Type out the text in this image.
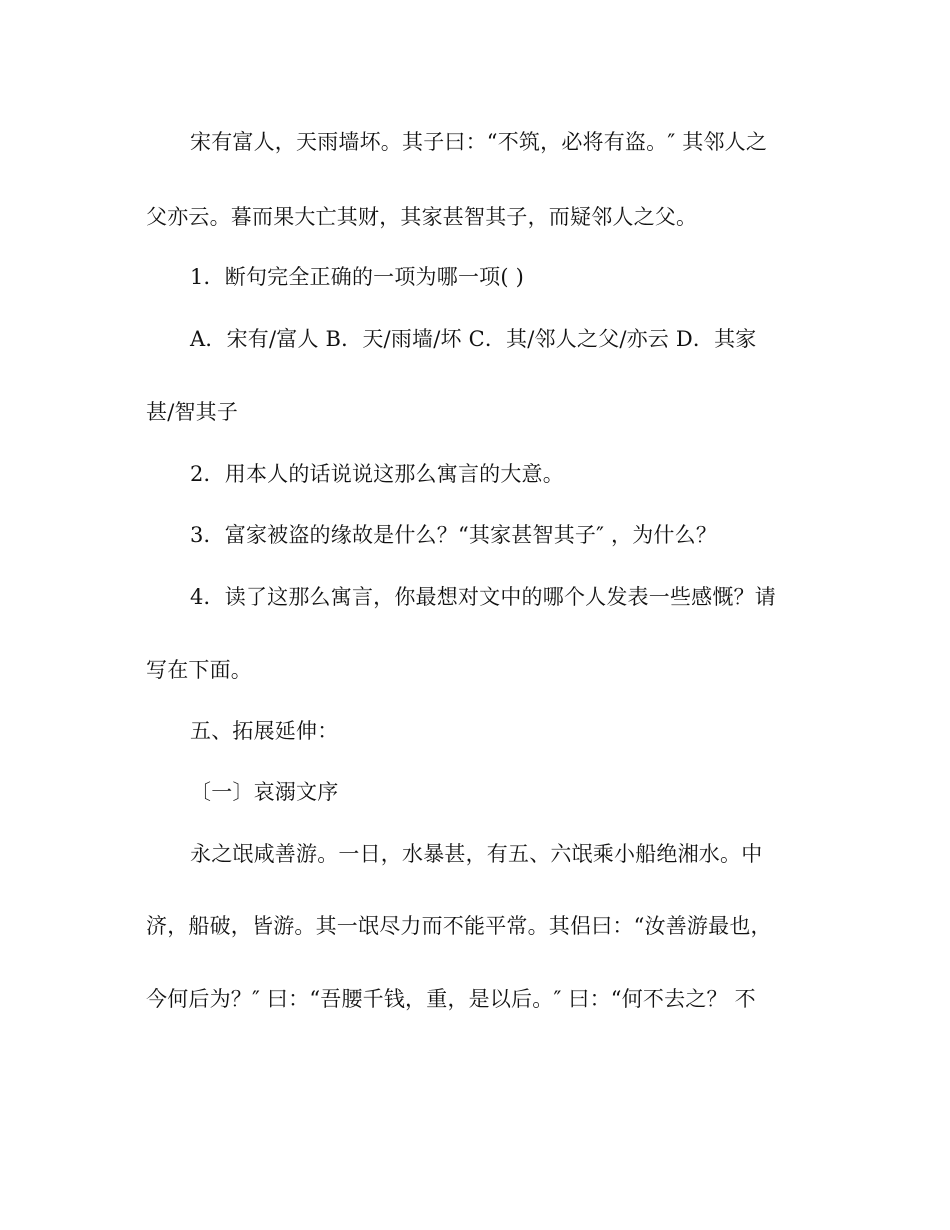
宋有富人，天雨墙坏。其子曰：“不筑，必将有盗。″ 其邻人之
父亦云。暮而果大亡其财，其家甚智其子，而疑邻人之父。
1．断句完全正确的一项为哪一项( )
A．宋有/富人 B．天/雨墙/坏 C．其/邻人之父/亦云 D．其家
甚/智其子
2．用本人的话说说这那么寓言的大意。
3．富家被盗的缘故是什么？“其家甚智其子″ ，为什么？
4．读了这那么寓言，你最想对文中的哪个人发表一些感慨？请
写在下面。
五、拓展延伸：
〔一〕哀溺文序
永之氓咸善游。一日，水暴甚，有五、六氓乘小船绝湘水。中
济，船破，皆游。其一氓尽力而不能平常。其侣曰：“汝善游最也，
今何后为？″ 曰：“吾腰千钱，重，是以后。″ 曰：“何不去之？ 不
